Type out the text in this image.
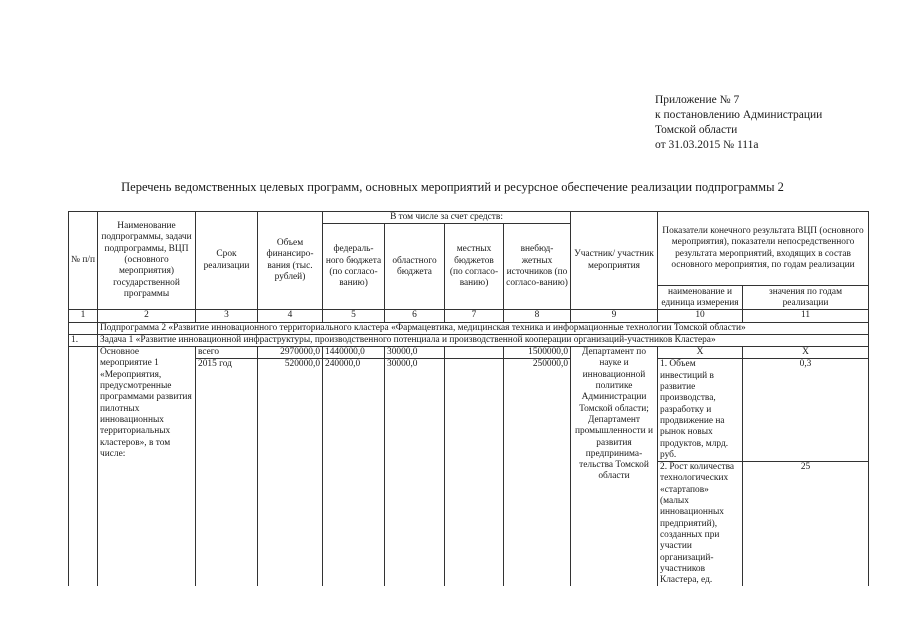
Приложение № 7
к постановлению Администрации
Томской области
от 31.03.2015 № 111а
Перечень ведомственных целевых программ, основных мероприятий и ресурсное обеспечение реализации подпрограммы 2
№ п/п	Наименование подпрограммы, задачи подпрограммы, ВЦП (основного мероприятия) государственной программы	Срок реализации	Объем финансиро-вания (тыс. рублей)	В том числе за счет средств:				Участник/ участник мероприятия	Показатели конечного результата ВЦП (основного мероприятия), показатели непосредственного результата мероприятий, входящих в состав основного мероприятия, по годам реализации	
				федераль-ного бюджета (по согласо-ванию)	областного бюджета	местных бюджетов (по согласо-ванию)	внебюд-жетных источников (по согласо-ванию)			
									наименование и единица измерения	значения по годам реализации
1	2	3	4	5	6	7	8	9	10	11
	Подпрограмма 2 «Развитие инновационного территориального кластера «Фармацевтика, медицинская техника и информационные технологии Томской области»									
1.	Задача 1 «Развитие инновационной инфраструктуры, производственного потенциала и производственной кооперации организаций-участников Кластера»									
	Основное мероприятие 1 «Мероприятия, предусмотренные программами развития пилотных инновационных территориальных кластеров», в том числе:	всего	2970000,0	1440000,0	30000,0		1500000,0	Департамент по науке и инновационной политике Администрации Томской области; Департамент промышленности и развития предпринима-тельства Томской области	X	X
		2015 год	520000,0	240000,0	30000,0		250000,0		1. Объем инвестиций в развитие производства, разработку и продвижение на рынок новых продуктов, млрд. руб.	0,3
									2. Рост количества технологических «стартапов» (малых инновационных предприятий), созданных при участии организаций-участников Кластера, ед.	25
